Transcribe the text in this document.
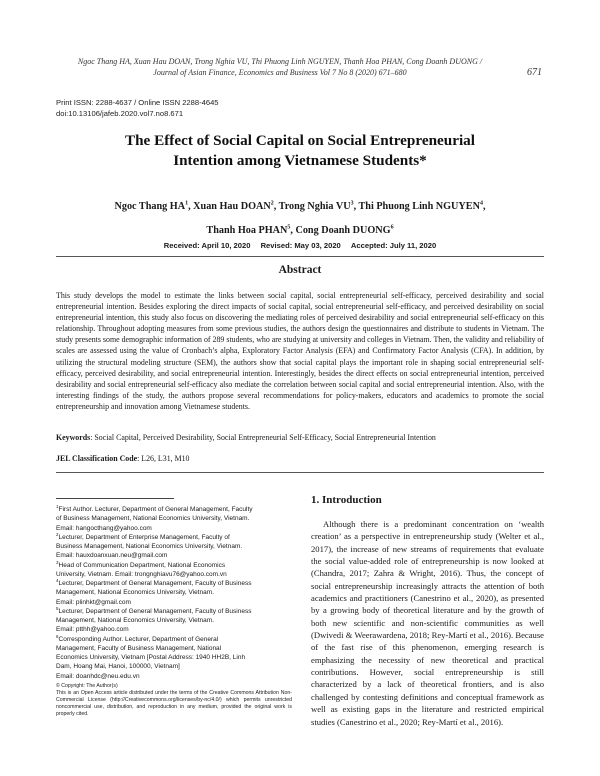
Ngoc Thang HA, Xuan Hau DOAN, Trong Nghia VU, Thi Phuong Linh NGUYEN, Thanh Hoa PHAN, Cong Doanh DUONG /
Journal of Asian Finance, Economics and Business Vol 7 No 8 (2020) 671–680	671
Print ISSN: 2288-4637 / Online ISSN 2288-4645
doi:10.13106/jafeb.2020.vol7.no8.671
The Effect of Social Capital on Social Entrepreneurial
Intention among Vietnamese Students*
Ngoc Thang $HA^1$, Xuan Hau DOAN$^2$, Trong Nghia $VU^3$, Thi Phuong Linh NGUYEN$^4$,
Thanh Hoa PHAN$^5$, Cong Doanh DUONG$^6$
Received: April 10, 2020 Revised: May 03, 2020 Accepted: July 11, 2020
Abstract
This study develops the model to estimate the links between social capital, social entrepreneurial self-efficacy, perceived desirability and social entrepreneurial intention. Besides exploring the direct impacts of social capital, social entrepreneurial self-efficacy, and perceived desirability on social entrepreneurial intention, this study also focus on discovering the mediating roles of perceived desirability and social entrepreneurial self-efficacy on this relationship. Throughout adopting measures from some previous studies, the authors design the questionnaires and distribute to students in Vietnam. The study presents some demographic information of 289 students, who are studying at university and colleges in Vietnam. Then, the validity and reliability of scales are assessed using the value of Cronbach’s alpha, Exploratory Factor Analysis (EFA) and Confirmatory Factor Analysis (CFA). In addition, by utilizing the structural modeling structure (SEM), the authors show that social capital plays the important role in shaping social entrepreneurial self-efficacy, perceived desirability, and social entrepreneurial intention. Interestingly, besides the direct effects on social entrepreneurial intention, perceived desirability and social entrepreneurial self-efficacy also mediate the correlation between social capital and social entrepreneurial intention. Also, with the interesting findings of the study, the authors propose several recommendations for policy-makers, educators and academics to promote the social entrepreneurship and innovation among Vietnamese students.
Keywords: Social Capital, Perceived Desirability, Social Entrepreneurial Self-Efficacy, Social Entrepreneurial Intention
JEL Classification Code: L26, L31, M10
$^1$First Author. Lecturer, Department of General Management, Faculty
of Business Management, National Economics University, Vietnam.
Email: hangocthang@yahoo.com
$^2$Lecturer, Department of Enterprise Management, Faculty of
Business Management, National Economics University, Vietnam.
Email: hauxdoanxuan.neu@gmail.com
$^3$Head of Communication Department, National Economics
University, Vietnam. Email: trongnghiavu76@yahoo.com.vn
$^4$Lecturer, Department of General Management, Faculty of Business
Management, National Economics University, Vietnam.
Email: plinhkt@gmail.com
$^5$Lecturer, Department of General Management, Faculty of Business
Management, National Economics University, Vietnam.
Email: ptthh@yahoo.com
$^6$Corresponding Author. Lecturer, Department of General
Management, Faculty of Business Management, National
Economics University, Vietnam [Postal Address: 1940 HH2B, Linh
Dam, Hoang Mai, Hanoi, 100000, Vietnam]
Email: doanhdc@neu.edu.vn
© Copyright: The Author(s)
This is an Open Access article distributed under the terms of the Creative Commons Attribution Non-Commercial License (http://Creativecommons.org/licenses/by-nc/4.0/) which permits unrestricted noncommercial use, distribution, and reproduction in any medium, provided the original work is properly cited.
1. Introduction
Although there is a predominant concentration on ‘wealth creation’ as a perspective in entrepreneurship study (Welter et al., 2017), the increase of new streams of requirements that evaluate the social value-added role of entrepreneurship is now looked at (Chandra, 2017; Zahra & Wright, 2016). Thus, the concept of social entrepreneurship increasingly attracts the attention of both academics and practitioners (Canestrino et al., 2020), as presented by a growing body of theoretical literature and by the growth of both new scientific and non-scientific communities as well (Dwivedi & Weerawardena, 2018; Rey-Martí et al., 2016). Because of the fast rise of this phenomenon, emerging research is emphasizing the necessity of new theoretical and practical contributions. However, social entrepreneurship is still characterized by a lack of theoretical frontiers, and is also challenged by contesting definitions and conceptual framework as well as existing gaps in the literature and restricted empirical studies (Canestrino et al., 2020; Rey-Martí et al., 2016).
